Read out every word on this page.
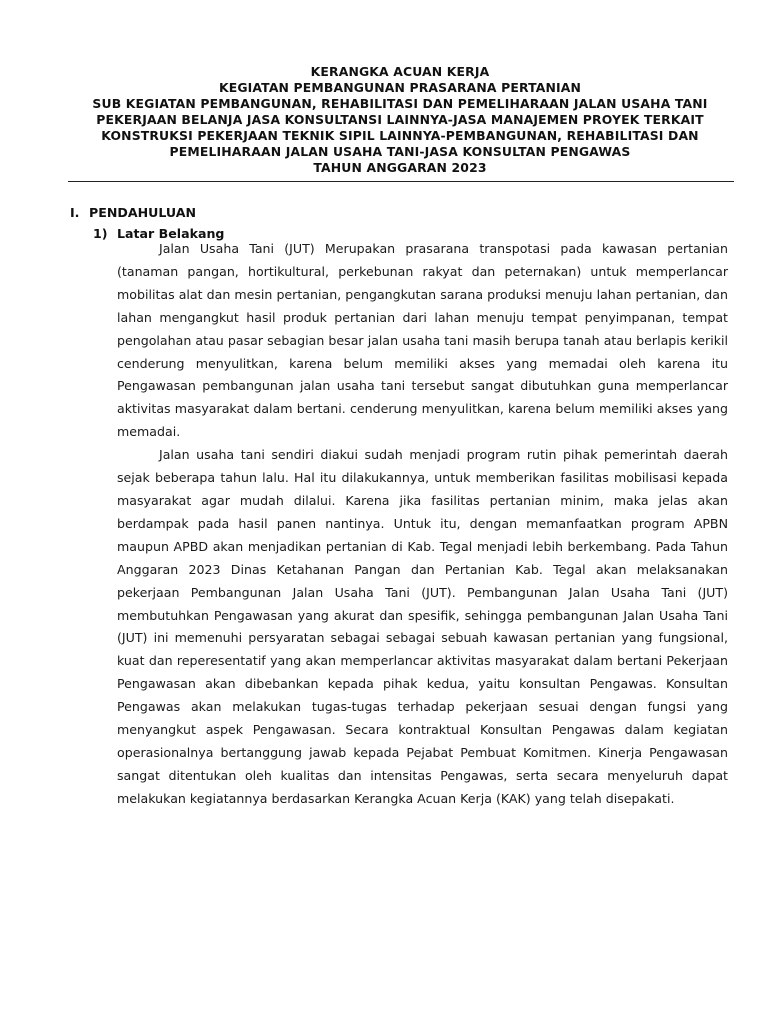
KERANGKA ACUAN KERJA
KEGIATAN PEMBANGUNAN PRASARANA PERTANIAN
SUB KEGIATAN PEMBANGUNAN, REHABILITASI DAN PEMELIHARAAN JALAN USAHA TANI
PEKERJAAN BELANJA JASA KONSULTANSI LAINNYA-JASA MANAJEMEN PROYEK TERKAIT
KONSTRUKSI PEKERJAAN TEKNIK SIPIL LAINNYA-PEMBANGUNAN, REHABILITASI DAN
PEMELIHARAAN JALAN USAHA TANI-JASA KONSULTAN PENGAWAS
TAHUN ANGGARAN 2023
I. PENDAHULUAN
1) Latar Belakang

Jalan Usaha Tani (JUT) Merupakan prasarana transpotasi pada kawasan pertanian (tanaman pangan, hortikultural, perkebunan rakyat dan peternakan) untuk memperlancar mobilitas alat dan mesin pertanian, pengangkutan sarana produksi menuju lahan pertanian, dan lahan mengangkut hasil produk pertanian dari lahan menuju tempat penyimpanan, tempat pengolahan atau pasar sebagian besar jalan usaha tani masih berupa tanah atau berlapis kerikil cenderung menyulitkan, karena belum memiliki akses yang memadai oleh karena itu Pengawasan pembangunan jalan usaha tani tersebut sangat dibutuhkan guna memperlancar aktivitas masyarakat dalam bertani. cenderung menyulitkan, karena belum memiliki akses yang memadai.

Jalan usaha tani sendiri diakui sudah menjadi program rutin pihak pemerintah daerah sejak beberapa tahun lalu. Hal itu dilakukannya, untuk memberikan fasilitas mobilisasi kepada masyarakat agar mudah dilalui. Karena jika fasilitas pertanian minim, maka jelas akan berdampak pada hasil panen nantinya. Untuk itu, dengan memanfaatkan program APBN maupun APBD akan menjadikan pertanian di Kab. Tegal menjadi lebih berkembang. Pada Tahun Anggaran 2023 Dinas Ketahanan Pangan dan Pertanian Kab. Tegal akan melaksanakan pekerjaan Pembangunan Jalan Usaha Tani (JUT). Pembangunan Jalan Usaha Tani (JUT) membutuhkan Pengawasan yang akurat dan spesifik, sehingga pembangunan Jalan Usaha Tani (JUT) ini memenuhi persyaratan sebagai sebagai sebuah kawasan pertanian yang fungsional, kuat dan reperesentatif yang akan memperlancar aktivitas masyarakat dalam bertani Pekerjaan Pengawasan akan dibebankan kepada pihak kedua, yaitu konsultan Pengawas. Konsultan Pengawas akan melakukan tugas-tugas terhadap pekerjaan sesuai dengan fungsi yang menyangkut aspek Pengawasan. Secara kontraktual Konsultan Pengawas dalam kegiatan operasionalnya bertanggung jawab kepada Pejabat Pembuat Komitmen. Kinerja Pengawasan sangat ditentukan oleh kualitas dan intensitas Pengawas, serta secara menyeluruh dapat melakukan kegiatannya berdasarkan Kerangka Acuan Kerja (KAK) yang telah disepakati.
